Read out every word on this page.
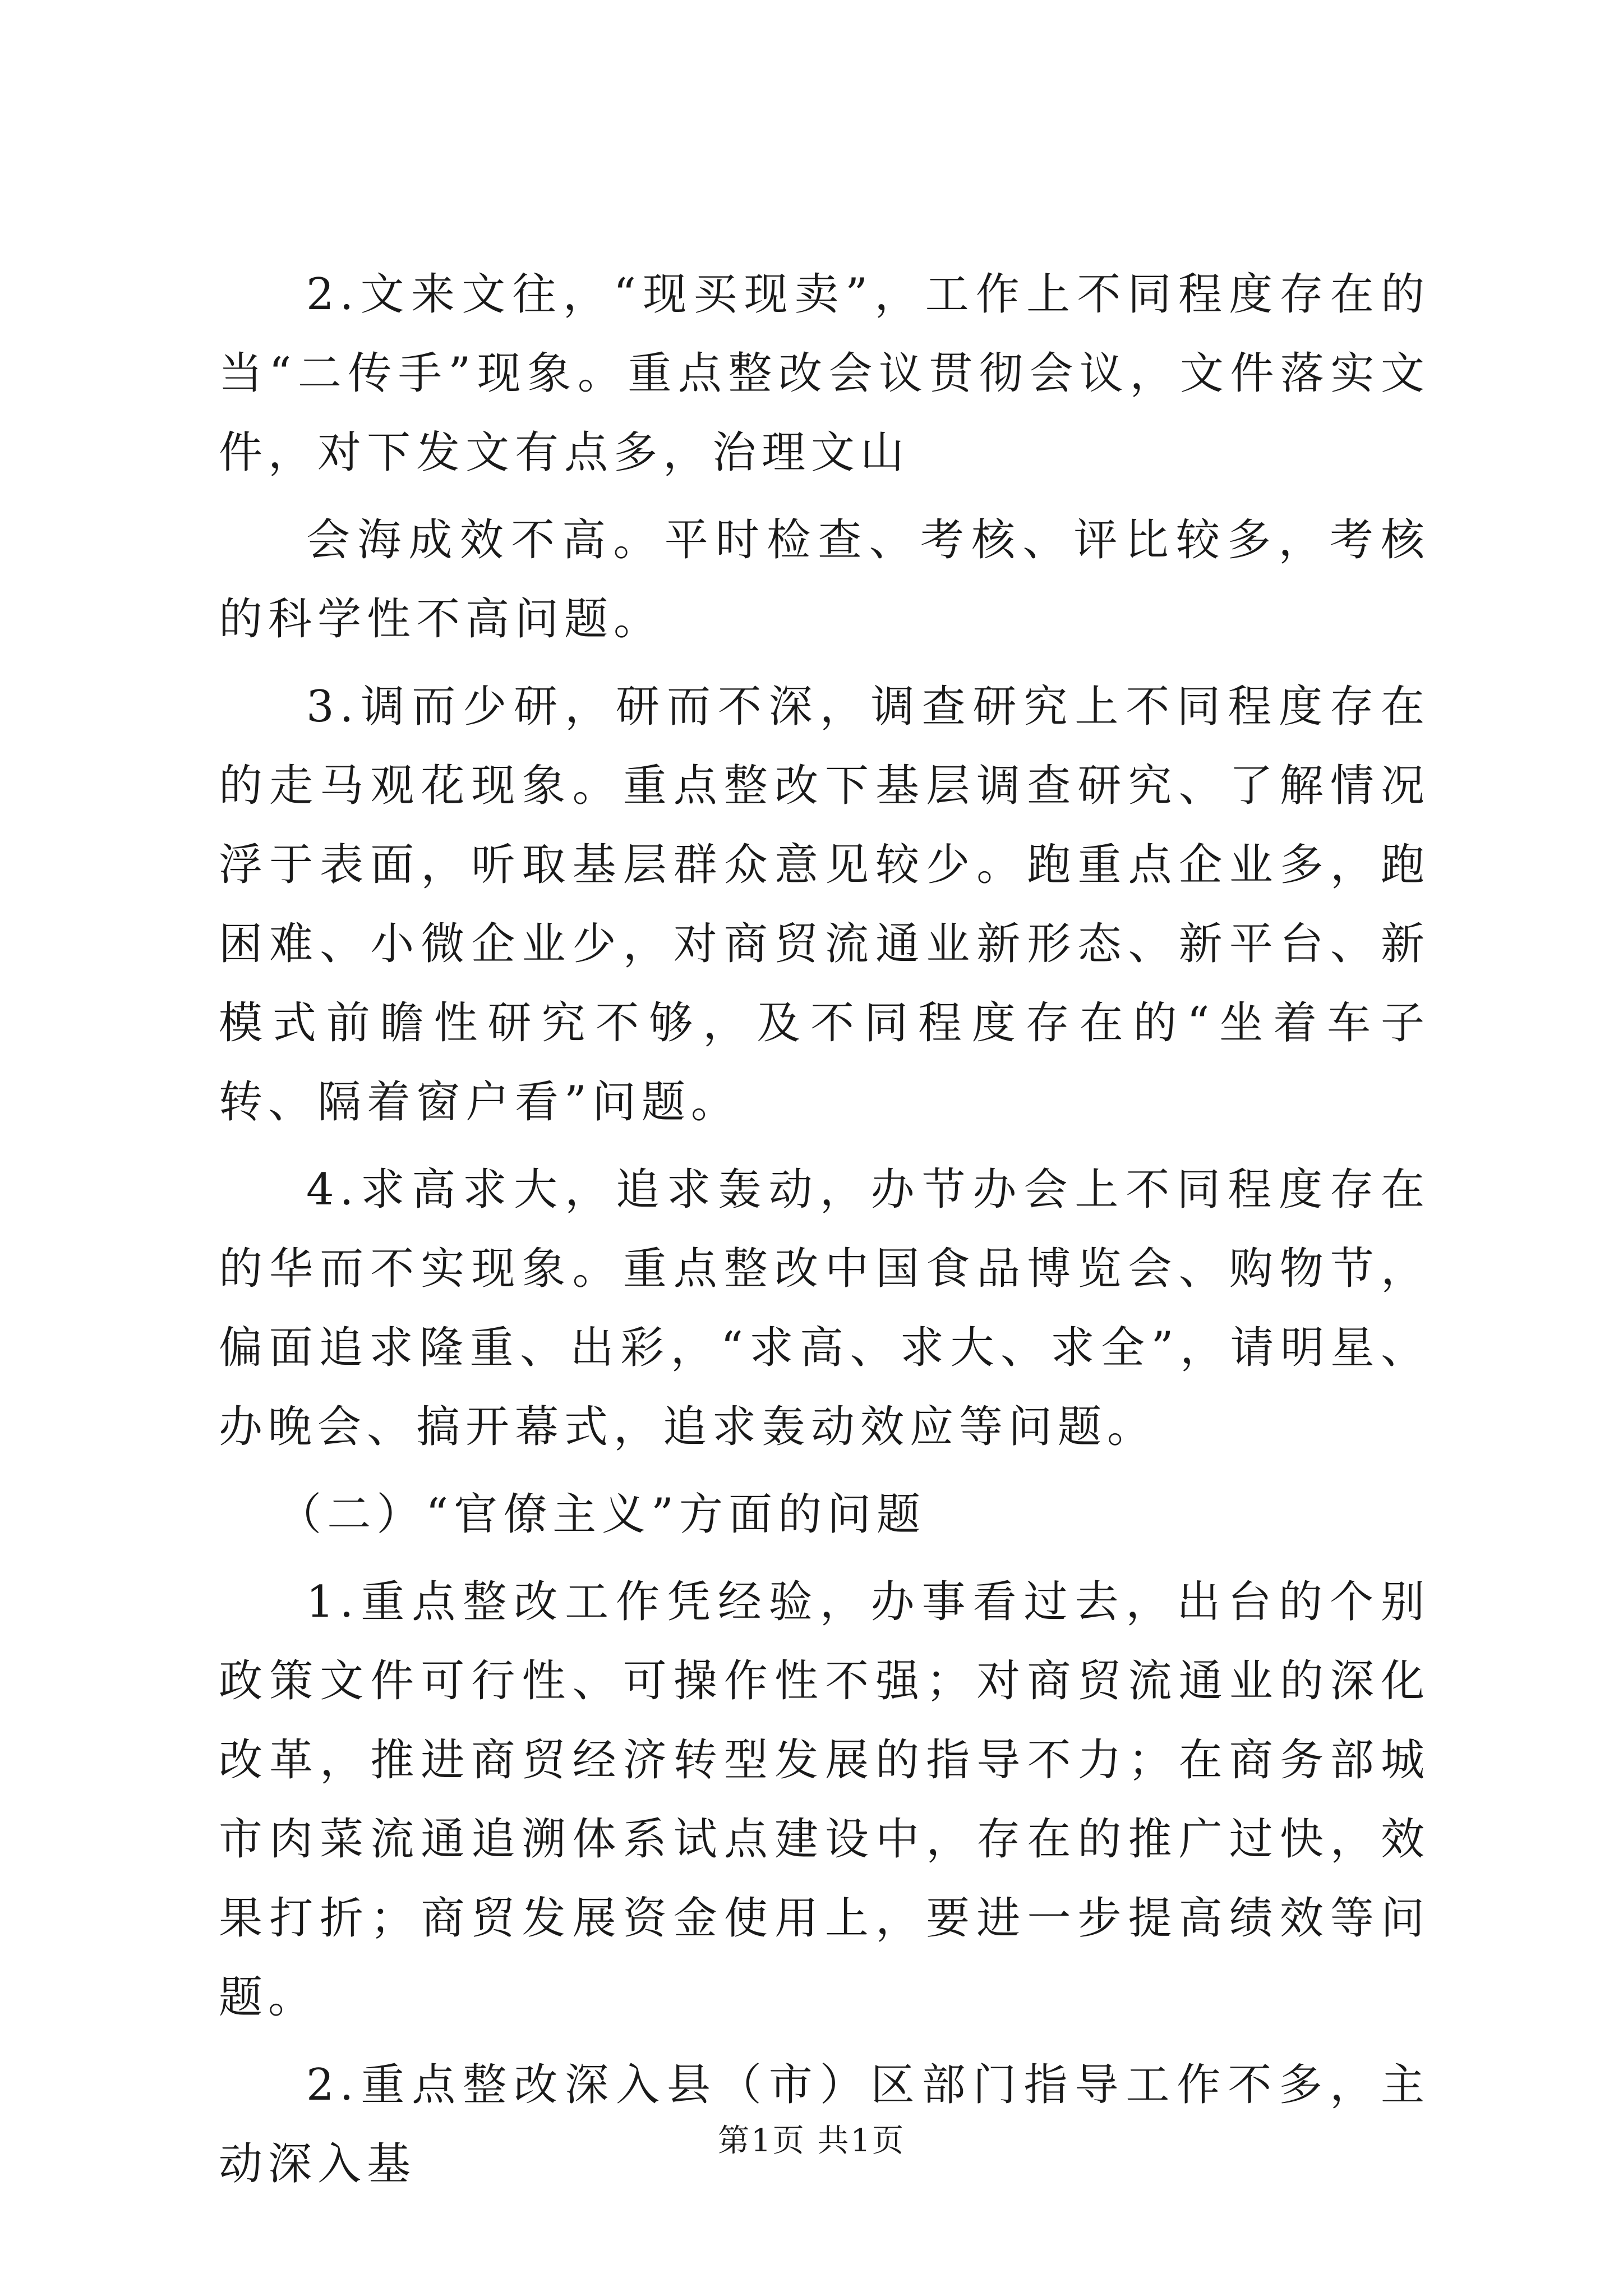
2.文来文往，“现买现卖”，工作上不同程度存在的当“二传手”现象。重点整改会议贯彻会议，文件落实文件，对下发文有点多，治理文山

会海成效不高。平时检查、考核、评比较多，考核的科学性不高问题。

3.调而少研，研而不深，调查研究上不同程度存在的走马观花现象。重点整改下基层调查研究、了解情况浮于表面，听取基层群众意见较少。跑重点企业多，跑困难、小微企业少，对商贸流通业新形态、新平台、新模式前瞻性研究不够，及不同程度存在的“坐着车子转、隔着窗户看”问题。

4.求高求大，追求轰动，办节办会上不同程度存在的华而不实现象。重点整改中国食品博览会、购物节，偏面追求隆重、出彩，“求高、求大、求全”，请明星、办晚会、搞开幕式，追求轰动效应等问题。

（二）“官僚主义”方面的问题

1.重点整改工作凭经验，办事看过去，出台的个别政策文件可行性、可操作性不强；对商贸流通业的深化改革，推进商贸经济转型发展的指导不力；在商务部城市肉菜流通追溯体系试点建设中，存在的推广过快，效果打折；商贸发展资金使用上，要进一步提高绩效等问题。

2.重点整改深入县（市）区部门指导工作不多，主动深入基	第1页 共1页
